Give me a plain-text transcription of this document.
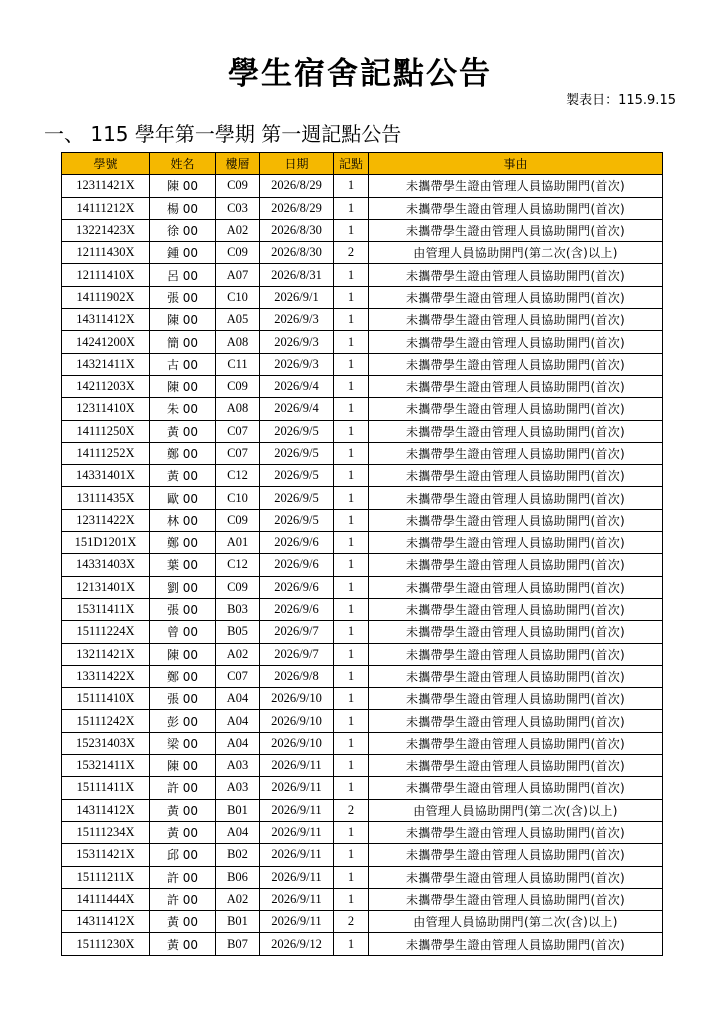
學生宿舍記點公告
製表日：115.9.15
一、 115 學年第一學期 第一週記點公告
學號	姓名	樓層	日期	記點	事由
12311421X	陳 00	C09	2026/8/29	1	未攜帶學生證由管理人員協助開門(首次)
14111212X	楊 00	C03	2026/8/29	1	未攜帶學生證由管理人員協助開門(首次)
13221423X	徐 00	A02	2026/8/30	1	未攜帶學生證由管理人員協助開門(首次)
12111430X	鍾 00	C09	2026/8/30	2	由管理人員協助開門(第二次(含)以上)
12111410X	呂 00	A07	2026/8/31	1	未攜帶學生證由管理人員協助開門(首次)
14111902X	張 00	C10	2026/9/1	1	未攜帶學生證由管理人員協助開門(首次)
14311412X	陳 00	A05	2026/9/3	1	未攜帶學生證由管理人員協助開門(首次)
14241200X	簡 00	A08	2026/9/3	1	未攜帶學生證由管理人員協助開門(首次)
14321411X	古 00	C11	2026/9/3	1	未攜帶學生證由管理人員協助開門(首次)
14211203X	陳 00	C09	2026/9/4	1	未攜帶學生證由管理人員協助開門(首次)
12311410X	朱 00	A08	2026/9/4	1	未攜帶學生證由管理人員協助開門(首次)
14111250X	黃 00	C07	2026/9/5	1	未攜帶學生證由管理人員協助開門(首次)
14111252X	鄭 00	C07	2026/9/5	1	未攜帶學生證由管理人員協助開門(首次)
14331401X	黃 00	C12	2026/9/5	1	未攜帶學生證由管理人員協助開門(首次)
13111435X	歐 00	C10	2026/9/5	1	未攜帶學生證由管理人員協助開門(首次)
12311422X	林 00	C09	2026/9/5	1	未攜帶學生證由管理人員協助開門(首次)
151D1201X	鄭 00	A01	2026/9/6	1	未攜帶學生證由管理人員協助開門(首次)
14331403X	葉 00	C12	2026/9/6	1	未攜帶學生證由管理人員協助開門(首次)
12131401X	劉 00	C09	2026/9/6	1	未攜帶學生證由管理人員協助開門(首次)
15311411X	張 00	B03	2026/9/6	1	未攜帶學生證由管理人員協助開門(首次)
15111224X	曾 00	B05	2026/9/7	1	未攜帶學生證由管理人員協助開門(首次)
13211421X	陳 00	A02	2026/9/7	1	未攜帶學生證由管理人員協助開門(首次)
13311422X	鄭 00	C07	2026/9/8	1	未攜帶學生證由管理人員協助開門(首次)
15111410X	張 00	A04	2026/9/10	1	未攜帶學生證由管理人員協助開門(首次)
15111242X	彭 00	A04	2026/9/10	1	未攜帶學生證由管理人員協助開門(首次)
15231403X	梁 00	A04	2026/9/10	1	未攜帶學生證由管理人員協助開門(首次)
15321411X	陳 00	A03	2026/9/11	1	未攜帶學生證由管理人員協助開門(首次)
15111411X	許 00	A03	2026/9/11	1	未攜帶學生證由管理人員協助開門(首次)
14311412X	黃 00	B01	2026/9/11	2	由管理人員協助開門(第二次(含)以上)
15111234X	黃 00	A04	2026/9/11	1	未攜帶學生證由管理人員協助開門(首次)
15311421X	邱 00	B02	2026/9/11	1	未攜帶學生證由管理人員協助開門(首次)
15111211X	許 00	B06	2026/9/11	1	未攜帶學生證由管理人員協助開門(首次)
14111444X	許 00	A02	2026/9/11	1	未攜帶學生證由管理人員協助開門(首次)
14311412X	黃 00	B01	2026/9/11	2	由管理人員協助開門(第二次(含)以上)
15111230X	黃 00	B07	2026/9/12	1	未攜帶學生證由管理人員協助開門(首次)
